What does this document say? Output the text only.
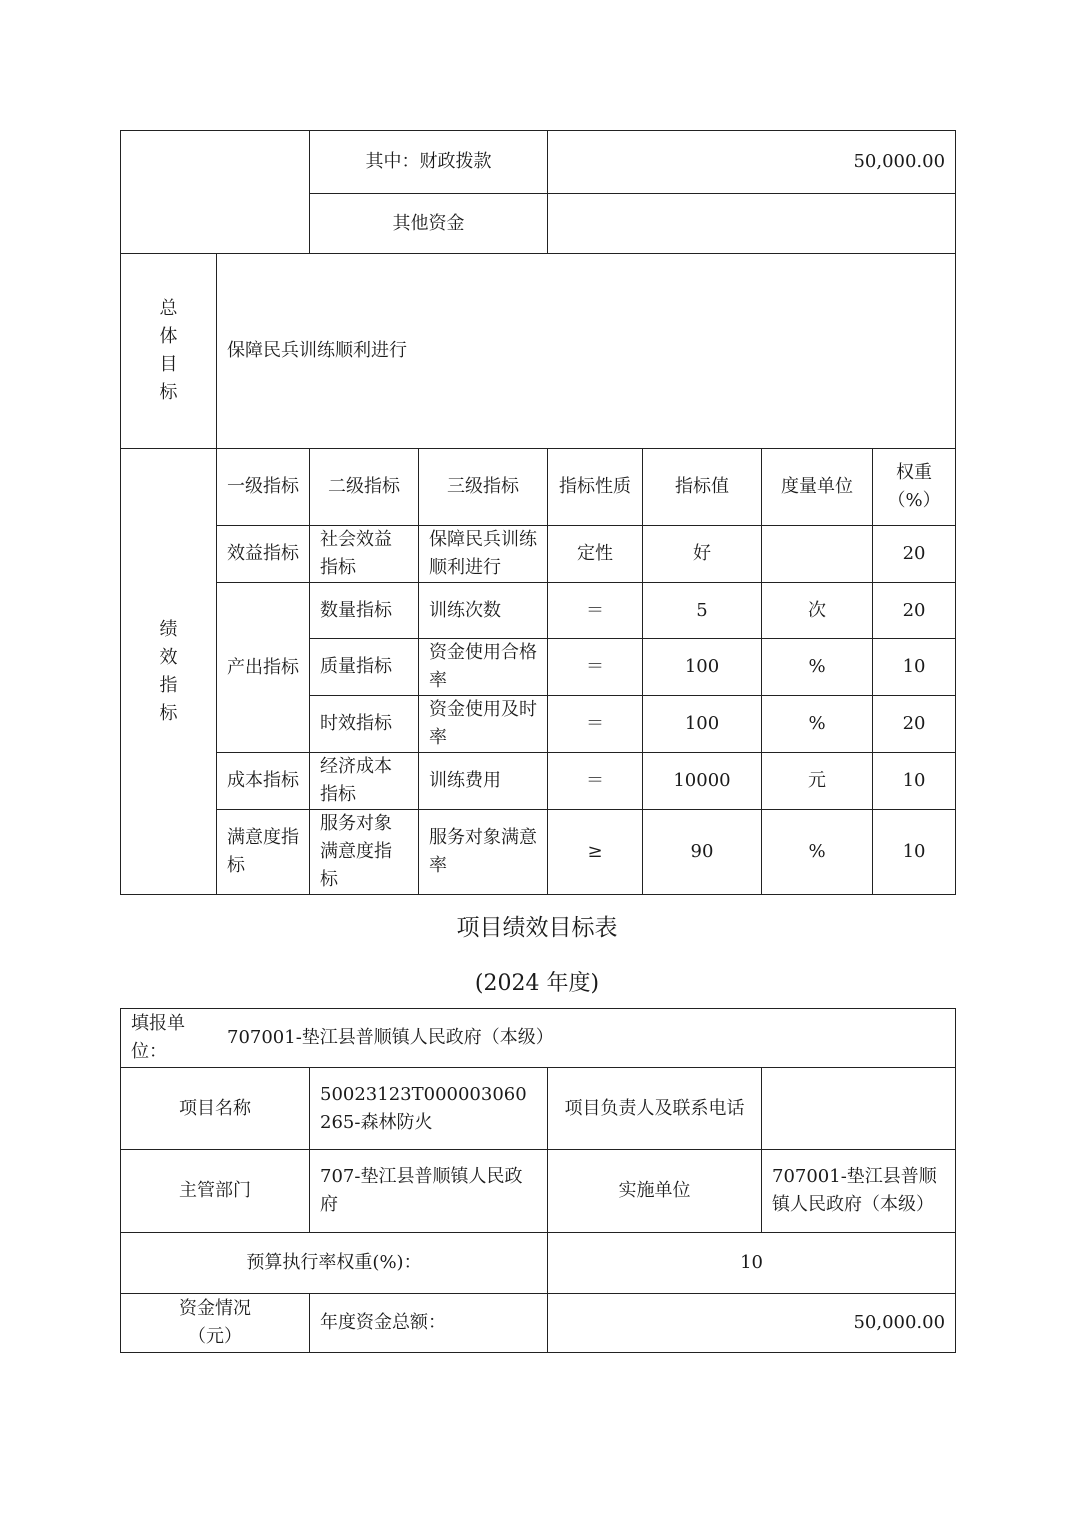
		其中：财政拨款		50,000.00			
		其他资金					

总体目标	保障民兵训练顺利进行						

绩效指标	一级指标	二级指标	三级指标	指标性质	指标值	度量单位	权重（%）
	效益指标	社会效益指标	保障民兵训练顺利进行	定性	好		20
	产出指标	数量指标	训练次数	＝	5	次	20
		质量指标	资金使用合格率	＝	100	%	10
		时效指标	资金使用及时率	＝	100	%	20
	成本指标	经济成本指标	训练费用	＝	10000	元	10
	满意度指标	服务对象满意度指标	服务对象满意率	≥	90	%	10
项目绩效目标表
(2024 年度)
填报单位：
707001-垫江县普顺镇人民政府（本级）			

项目名称	50023123T000003060265-森林防火	项目负责人及联系电话	
主管部门	707-垫江县普顺镇人民政府	实施单位	707001-垫江县普顺镇人民政府（本级）
预算执行率权重(%)：		10	

资金情况（元）	年度资金总额：	50,000.00	
